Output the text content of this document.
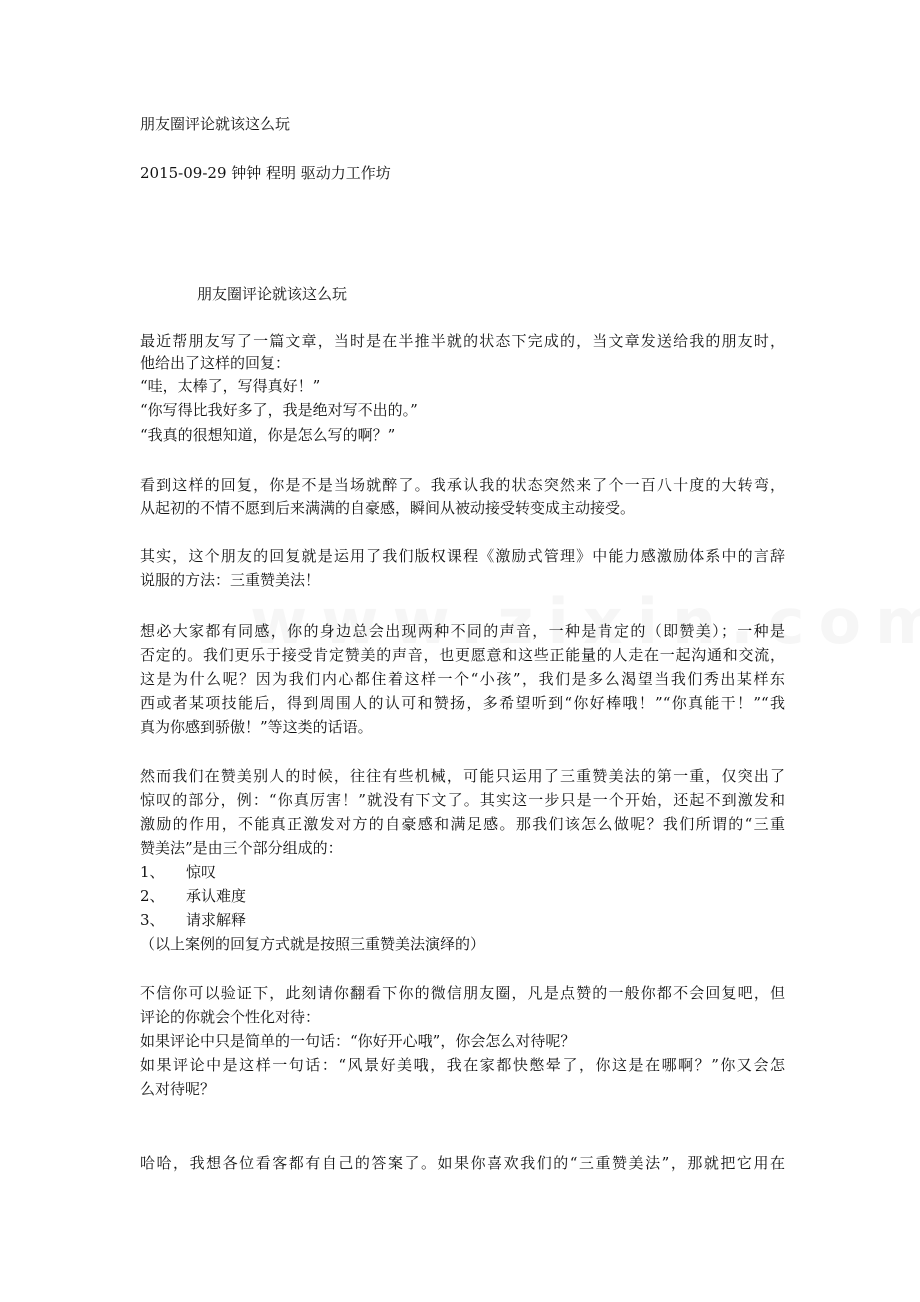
朋友圈评论就该这么玩
2015-09-29 钟钟 程明 驱动力工作坊
朋友圈评论就该这么玩
最近帮朋友写了一篇文章，当时是在半推半就的状态下完成的，当文章发送给我的朋友时，
他给出了这样的回复：
“哇，太棒了，写得真好！”
“你写得比我好多了，我是绝对写不出的。”
“我真的很想知道，你是怎么写的啊？”
看到这样的回复，你是不是当场就醉了。我承认我的状态突然来了个一百八十度的大转弯，
从起初的不情不愿到后来满满的自豪感，瞬间从被动接受转变成主动接受。
其实，这个朋友的回复就是运用了我们版权课程《激励式管理》中能力感激励体系中的言辞
说服的方法：三重赞美法！
想必大家都有同感，你的身边总会出现两种不同的声音，一种是肯定的（即赞美）；一种是
否定的。我们更乐于接受肯定赞美的声音，也更愿意和这些正能量的人走在一起沟通和交流，
这是为什么呢？因为我们内心都住着这样一个“小孩”，我们是多么渴望当我们秀出某样东
西或者某项技能后，得到周围人的认可和赞扬，多希望听到“你好棒哦！”“你真能干！”“我
真为你感到骄傲！”等这类的话语。
然而我们在赞美别人的时候，往往有些机械，可能只运用了三重赞美法的第一重，仅突出了
惊叹的部分，例：“你真厉害！”就没有下文了。其实这一步只是一个开始，还起不到激发和
激励的作用，不能真正激发对方的自豪感和满足感。那我们该怎么做呢？我们所谓的“三重
赞美法”是由三个部分组成的：
1、 惊叹
2、 承认难度
3、 请求解释
（以上案例的回复方式就是按照三重赞美法演绎的）
不信你可以验证下，此刻请你翻看下你的微信朋友圈，凡是点赞的一般你都不会回复吧，但
评论的你就会个性化对待：
如果评论中只是简单的一句话：“你好开心哦”，你会怎么对待呢？
如果评论中是这样一句话：“风景好美哦，我在家都快憋晕了，你这是在哪啊？”你又会怎
么对待呢？
哈哈，我想各位看客都有自己的答案了。如果你喜欢我们的“三重赞美法”，那就把它用在
